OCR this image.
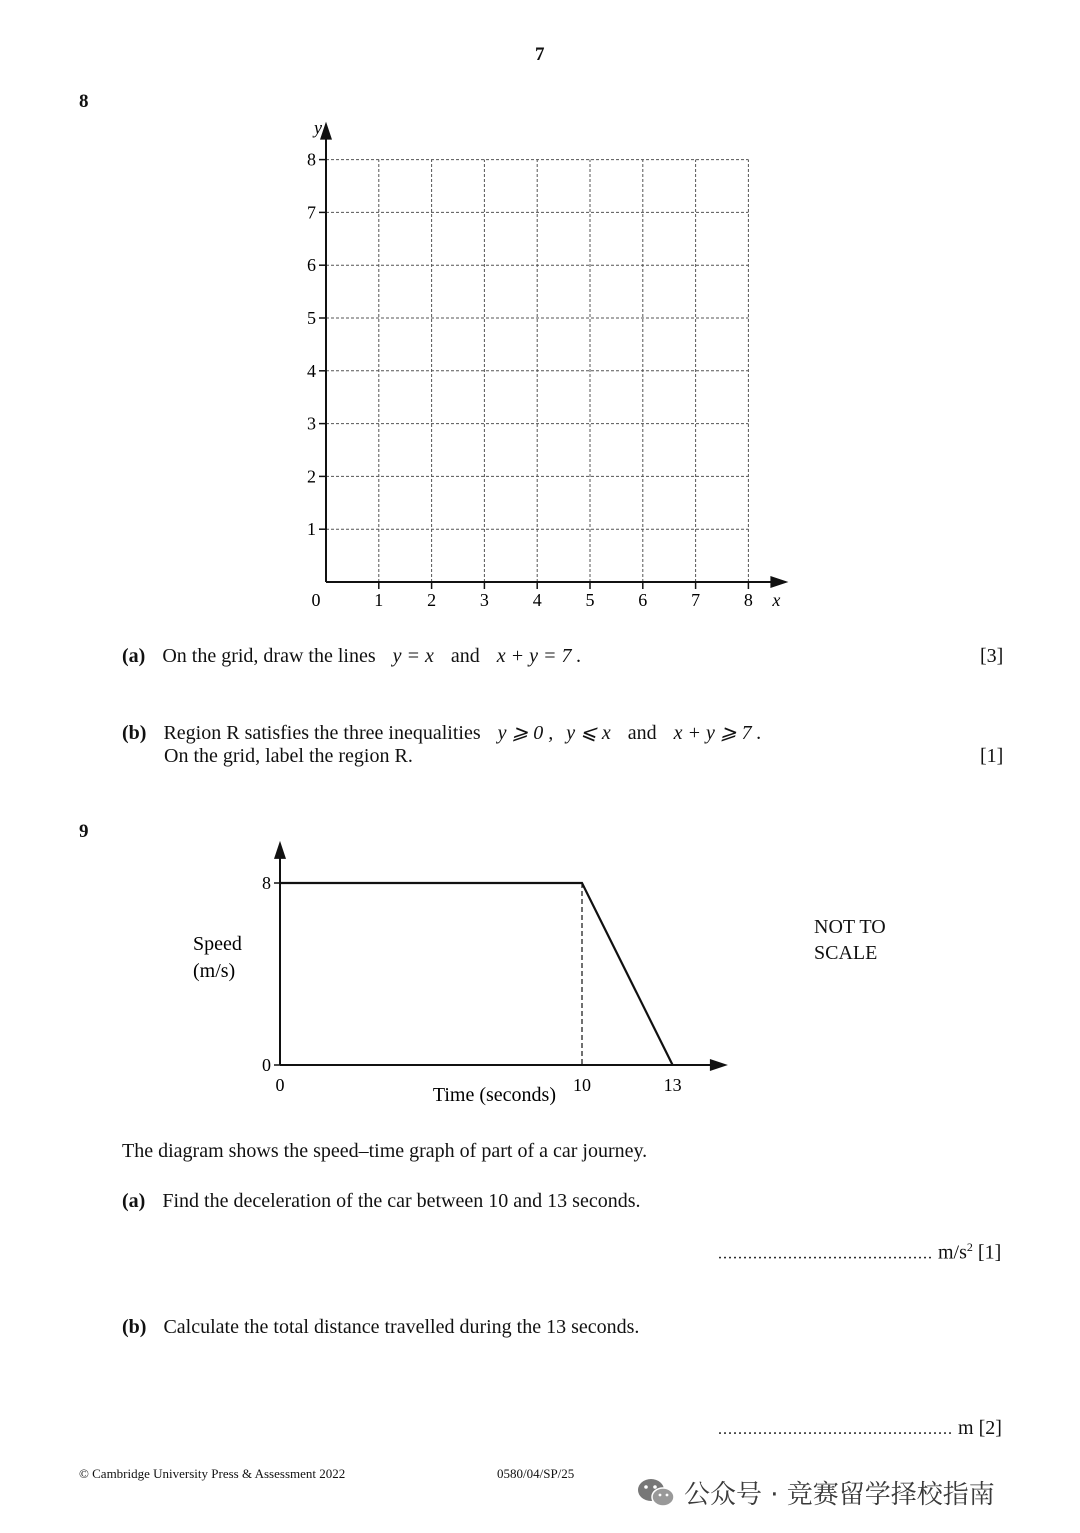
7
8
0	1 2 3 4 5 6 7 8
1
2
3
4
5
6
7
8
x
y
(a) On the grid, draw the lines y = x and x + y = 7 .	[3]
(b) Region R satisfies the three inequalities y ⩾ 0 , y ⩽ x and x + y ⩾ 7 .
On the grid, label the region R.	[1]
9
0
8
0	10	13
Time (seconds)
Speed
(m/s)
NOT TO
SCALE
The diagram shows the speed–time graph of part of a car journey.
(a) Find the deceleration of the car between 10 and 13 seconds.
........................................... $m/s^2$ [1]
(b) Calculate the total distance travelled during the 13 seconds.
............................................... m [2]
© Cambridge University Press & Assessment 2022	0580/04/SP/25
公众号 · 竞赛留学择校指南
